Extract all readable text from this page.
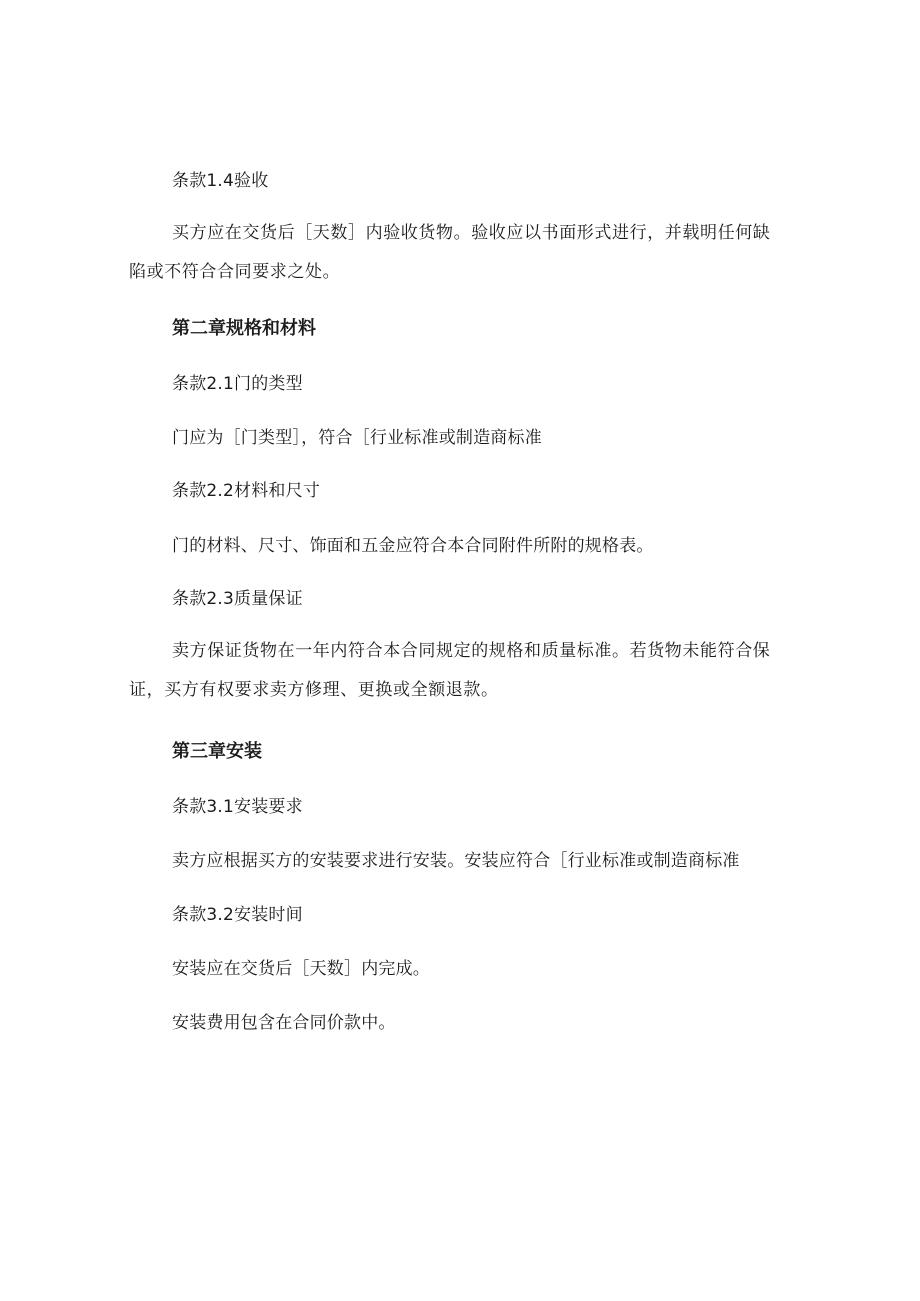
条款1.4验收
买方应在交货后［天数］内验收货物。验收应以书面形式进行，并载明任何缺陷或不符合合同要求之处。
第二章规格和材料
条款2.1门的类型
门应为［门类型］，符合［行业标准或制造商标准
条款2.2材料和尺寸
门的材料、尺寸、饰面和五金应符合本合同附件所附的规格表。
条款2.3质量保证
卖方保证货物在一年内符合本合同规定的规格和质量标准。若货物未能符合保证，买方有权要求卖方修理、更换或全额退款。
第三章安装
条款3.1安装要求
卖方应根据买方的安装要求进行安装。安装应符合［行业标准或制造商标准
条款3.2安装时间
安装应在交货后［天数］内完成。
安装费用包含在合同价款中。
